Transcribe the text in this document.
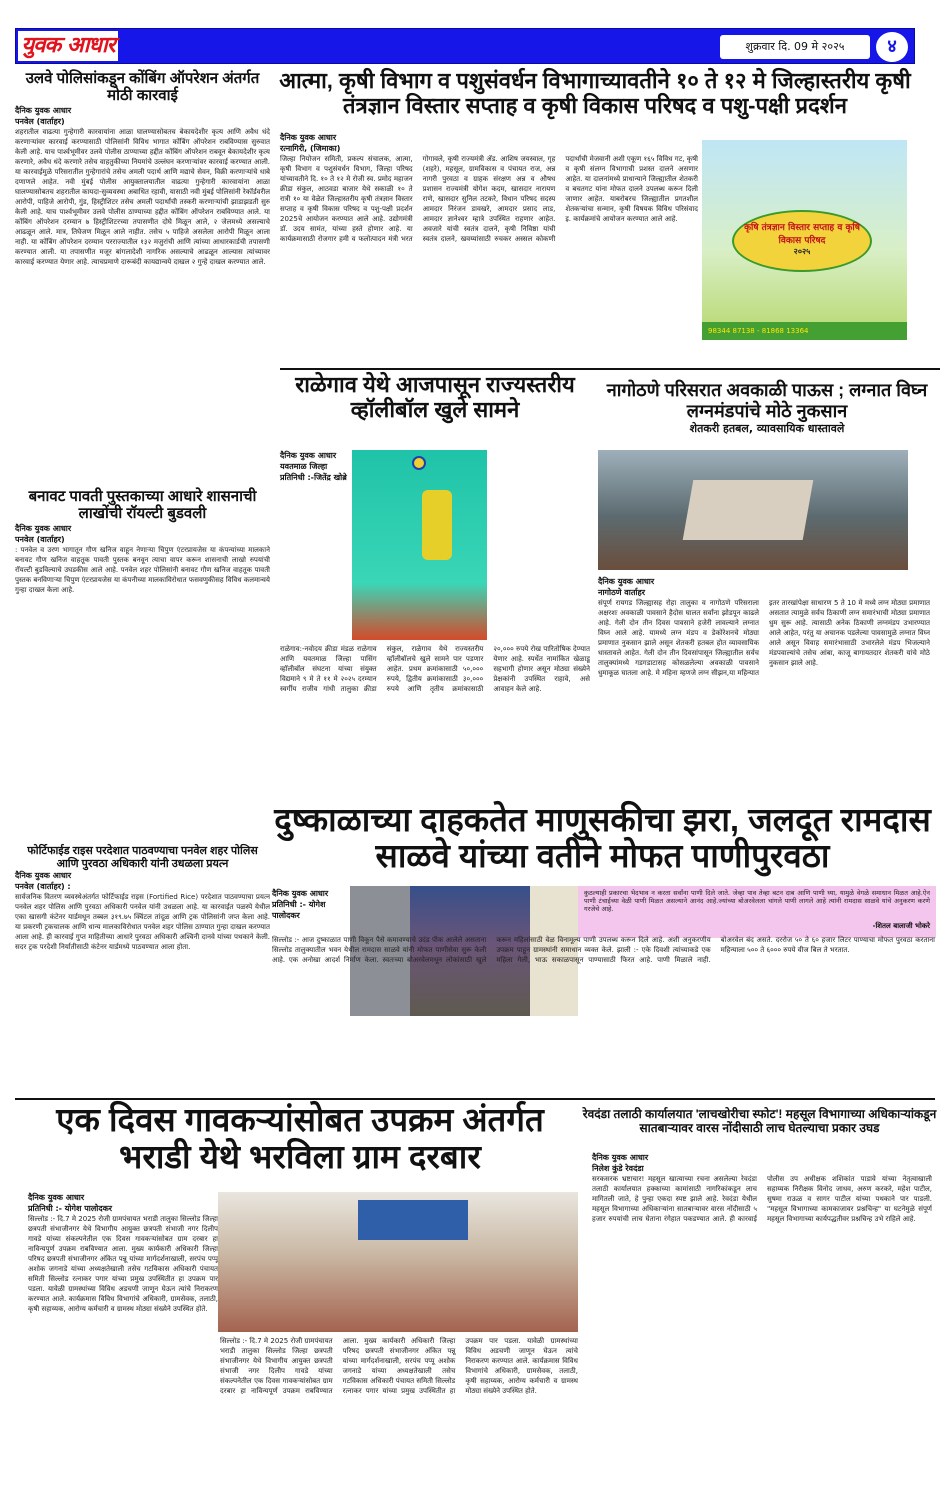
युवक आधार	शुक्रवार दि. 09 मे २०२५	४
उलवे पोलिसांकडून कोंबिंग ऑपरेशन अंतर्गत मोठी कारवाई
दैनिक युवक आधार
पनवेल (वार्ताहर)
शहरातील वाढत्या गुन्हेगारी कारवायांना आळा घालण्यासोबतच बेकायदेशीर कृत्य आणि अवैध धंदे करणाऱ्यांवर कारवाई करण्यासाठी पोलिसांनी विविध भागात कोंबिंग ऑपरेशन राबविण्यास सुरुवात केली आहे. याच पार्श्वभूमीवर उलवे पोलीस ठाण्याच्या हद्दीत कोंबिंग ऑपरेशन राबवून बेकायदेशीर कृत्य करणारे, अवैध धंदे करणारे तसेच वाहतुकीच्या नियमांचे उल्लंघन करणाऱ्यांवर कारवाई करण्यात आली. या कारवाईमुळे परिसरातील गुन्हेगारांचे तसेच अमली पदार्थ आणि मद्याचे सेवन, विक्री करणाऱ्यांचे धाबे दणाणले आहेत. नवी मुंबई पोलीस आयुक्तालयातील वाढत्या गुन्हेगारी कारवायांना आळा घालण्यासोबतच शहरातील कायदा-सुव्यवस्था अबाधित रहावी, यासाठी नवी मुंबई पोलिसांनी रेकॉर्डवरील आरोपी, पाहिजे आरोपी, गुंड, हिस्ट्रीशिटर तसेच अमली पदार्थांची तस्करी करणाऱ्यांची झाडाझडती सुरु केली आहे. याच पार्श्वभूमीवर उलवे पोलीस ठाण्याच्या हद्दीत कोंबिंग ऑपरेशन राबविण्यात आले. या कोंबिंग ऑपरेशन दरम्यान ७ हिस्ट्रीशिटरच्या तपासणीत दोघे मिळून आले, २ जेलमध्ये असल्याचे आढळून आले. मात्र, तिघेजण मिळून आले नाहीत. तसेच ५ पाहिजे असलेला आरोपी मिळून आला नाही. या कोंबिंग ऑपरेशन दरम्यान परराज्यातील १३२ मजुरांची आणि त्यांच्या आधारकार्डची तपासणी करण्यात आली. या तपासणीत मजूर बांगलादेशी नागरिक असल्याचे आढळून आल्यास त्यांच्यावर कारवाई करण्यात येणार आहे. त्याचप्रमाणे दारूबंदी कायद्यान्वये दाखल २ गुन्हे दाखल करण्यात आले.
बनावट पावती पुस्तकाच्या आधारे शासनाची लाखोंची रॉयल्टी बुडवली
दैनिक युवक आधार
पनवेल (वार्ताहर)
: पनवेल व उरण भागातून गौण खनिज वाहून नेणाऱ्या चिपुण एंटरप्रायजेस या कंपन्यांच्या मालकाने बनावट गौण खनिज वाहतूक पावती पुस्तक बनवून त्याचा वापर करून शासनाची लाखो रुपयांची रॉयल्टी बुडविल्याचे उघडकीस आले आहे. पनवेल शहर पोलिसांनी बनावट गौण खनिज वाहतूक पावती पुस्तक बनविणाऱ्या चिपुण एंटरप्रायजेस या कंपनीच्या मालकाविरोधात फसवणुकीसह विविध कलमान्वये गुन्हा दाखल केला आहे.
फोर्टिफाईड राइस परदेशात पाठवण्याचा पनवेल शहर पोलिस आणि पुरवठा अधिकारी यांनी उधळला प्रयत्न
दैनिक युवक आधार
पनवेल (वार्ताहर) :
सार्वजनिक वितरण व्यवस्थेअंतर्गत फोर्टिफाईड राइस (Fortified Rice) परदेशात पाठवण्याचा प्रयत्न पनवेल शहर पोलिस आणि पुरवठा अधिकारी पनवेल यांनी उधळला आहे. या कारवाईत पळस्पे येथील एका खासगी कंटेनर यार्डमधून तब्बल ३१९.७५ क्विंटल तांदूळ आणि ट्रक पोलिसांनी जप्त केला आहे. या प्रकरणी ट्रकचालक आणि धान्य मालकाविरोधात पनवेल शहर पोलिस ठाण्यात गुन्हा दाखल करण्यात आला आहे. ही कारवाई गुप्त माहितीच्या आधारे पुरवठा अधिकारी अश्विनी दानवे यांच्या पथकाने केली. सदर ट्रक परदेशी निर्यातीसाठी कंटेनर यार्डमध्ये पाठवण्यात आला होता.
आत्मा, कृषी विभाग व पशुसंवर्धन विभागाच्यावतीने १० ते १२ मे जिल्हास्तरीय कृषी तंत्रज्ञान विस्तार सप्ताह व कृषी विकास परिषद व पशु-पक्षी प्रदर्शन
दैनिक युवक आधार
रत्नागिरी, (जिमाका)
जिल्हा नियोजन समिती, प्रकल्प संचालक, आत्मा, कृषी विभाग व पशुसंवर्धन विभाग, जिल्हा परिषद यांच्यावतीने दि. १० ते १२ मे रोजी स्व. प्रमोद महाजन क्रीडा संकुल, आठवडा बाजार येथे सकाळी १० ते रात्री १० या वेळेत जिल्हास्तरीय कृषी तंत्रज्ञान विस्तार सप्ताह व कृषी विकास परिषद व पशु-पक्षी प्रदर्शन 2025चे आयोजन करण्यात आले आहे. उद्योगमंत्री डॉ. उदय सामंत, यांच्या हस्ते होणार आहे. या कार्यक्रमासाठी रोजगार हमी व फलोत्पादन मंत्री भरत गोगावले, कृषी राज्यमंत्री ॲड. आशिष जयस्वाल, गृह (शहरे), महसूल, ग्रामविकास व पंचायत राज, अन्न नागरी पुरवठा व ग्राहक संरक्षण अन्न व औषध प्रशासन राज्यमंत्री योगेश कदम, खासदार नारायण राणे, खासदार सुनिल तटकरे, विधान परिषद सदस्य आमदार निरंजन डावखरे, आमदार प्रसाद लाड, आमदार ज्ञानेश्वर म्हात्रे उपस्थित राहणार आहेत. अवजारे यांची स्वतंत्र दालने, कृषी निविष्ठा यांची स्वतंत्र दालने, खवय्यांसाठी रुचकर अस्सल कोकणी पदार्थांची मेजवानी अशी एकूण १६५ विविध गट, कृषी व कृषी संलग्न विभागाची प्रशस्त दालने असणार आहेत. या दालनांमध्ये प्राधान्याने जिल्ह्यातील शेतकरी व बचतगट यांना मोफत दालने उपलब्ध करून दिली जाणार आहेत. याबरोबरच जिल्ह्यातील प्रगतशील शेतकऱ्यांचा सन्मान, कृषी विषयक विविध परिसंवाद इ. कार्यक्रमांचे आयोजन करण्यात आले आहे.
कृषि तंत्रज्ञान विस्तार सप्ताह व कृषि विकास परिषद
२०२५
98344 87138 - 81868 13364
राळेगाव येथे आजपासून राज्यस्तरीय व्हॉलीबॉल खुले सामने
दैनिक युवक आधार
यवतमाळ जिल्हा प्रतिनिधी :-जितेंद्र खोब्रे
राळेगाव:-नवोदय क्रीडा मंडळ राळेगाव आणि यवतमाळ जिल्हा पासिंग व्हॉलीबॉल संघटना यांच्या संयुक्त विद्यमाने ९ मे ते ११ मे २०२५ दरम्यान स्वर्गीय राजीव गांधी तालुका क्रीडा संकुल, राळेगाव येथे राज्यस्तरीय व्हॉलीबॉलचे खुले सामने पार पडणार आहेत. प्रथम क्रमांकासाठी ५०,००० रुपये, द्वितीय क्रमांकासाठी ३०,००० रुपये आणि तृतीय क्रमांकासाठी २०,००० रुपये रोख पारितोषिक देण्यात येणार आहे. स्पर्धेत नामांकित खेळाडू सहभागी होणार असून मोठ्या संख्येने प्रेक्षकांनी उपस्थित राहावे, असे आवाहन केले आहे.
नागोठणे परिसरात अवकाळी पाऊस ; लग्नात विघ्न लग्नमंडपांचे मोठे नुकसान
शेतकरी हतबल, व्यावसायिक धास्तावले
दैनिक युवक आधार
नागोठणे वार्ताहर
संपूर्ण रायगड जिल्ह्यासह रोहा तालुका व नागोठणे परिसराला अक्षरशः अवकाळी पावसाने हैदोस घालत सर्वांना झोडपून काढले आहे. गेली दोन तीन दिवस पावसाने हजेरी लावल्याने लग्नात विघ्न आले आहे. यामध्ये लग्न मंडप व डेकोरेशनचे मोठ्या प्रमाणात नुकसान झाले असून शेतकरी हतबल होत व्यावसायिक धास्तावले आहेत. गेली दोन तीन दिवसांपासून जिल्ह्यातील सर्वच तालुक्यांमध्ये गडगडाटासह कोसळलेल्या अवकाळी पावसाने धुमाकूळ घातला आहे. मे महिना म्हणजे लग्न सीझन,या महिन्यात इतर तारखांपेक्षा साधारण 5 ते 10 मे मध्ये लग्न मोठ्या प्रमाणात असतात त्यामुळे सर्वच ठिकाणी लग्न समारंभाची मोठ्या प्रमाणात धुम सुरू आहे. त्यासाठी अनेक ठिकाणी लग्नमंडप उभारण्यात आले आहेत, परंतु या अचानक पडलेल्या पावसामुळे लग्नात विघ्न आले असून विवाह समारंभासाठी उभारलेले मंडप भिजल्याने मंडपवाल्यांचे तसेच आंबा, काजू बागायतदार शेतकरी यांचे मोठे नुकसान झाले आहे.
दुष्काळाच्या दाहकतेत माणुसकीचा झरा, जलदूत रामदास साळवे यांच्या वतीने मोफत पाणीपुरवठा
दैनिक युवक आधार
प्रतिनिधी :- योगेश पालोदकर
कुठल्याही प्रकारचा भेदभाव न करता सर्वांना पाणी दिले जाते. जेव्हा पाव तेव्हा बटन दाब आणि पाणी घ्या, यामुळे वेगळे समाधान मिळत आहे.ऐन पाणी टंचाईच्या वेळी पाणी मिळत असल्याने आनंद आहे.ज्यांच्या बोअरवेलला चांगले पाणी लागले आहे त्यांनी रामदास साळवे यांचे अनुकरण करणे गरजेचे आहे.
-शितल बालाजी भोकरे
सिल्लोड :- आज दुष्काळात पाणी विकून पैसे कमावण्याचे उदंड पीक आलेले असताना सिल्लोड तालुक्यातील भवन येथील रामदास साळवे यांनी मोफत पाणीसेवा सुरू केली आहे. एक अनोखा आदर्श निर्माण केला. स्वतःच्या बोअरवेलमधून लोकांसाठी खुले करून महिलांसाठी वेळ विनामूल्य पाणी उपलब्ध करून दिले आहे. अशी अनुकरणीय उपक्रम पाहून ग्रामस्थांनी समाधान व्यक्त केले. झाली :- एके दिवशी त्यांच्याकडे एक महिला गेली, भाऊ सकाळपासून पाण्यासाठी फिरत आहे. पाणी मिळाले नाही. बोअरवेल बंद असते. दररोज ५० ते ६० हजार लिटर पाण्याचा मोफत पुरवठा करताना महिन्याला ५०० ते ६००० रुपये वीज बिल ते भरतात.
एक दिवस गावकऱ्यांसोबत उपक्रम अंतर्गत भराडी येथे भरविला ग्राम दरबार
दैनिक युवक आधार
प्रतिनिधी :- योगेश पालोदकर
सिल्लोड :- दि.7 मे 2025 रोजी ग्रामपंचायत भराडी तालुका सिल्लोड जिल्हा छत्रपती संभाजीनगर येथे विभागीय आयुक्त छत्रपती संभाजी नगर दिलीप गावडे यांच्या संकल्पनेतील एक दिवस गावकऱ्यांसोबत ग्राम दरबार हा नाविन्यपूर्ण उपक्रम राबविण्यात आला. मुख्य कार्यकारी अधिकारी जिल्हा परिषद छत्रपती संभाजीनगर अंकित पन्नू यांच्या मार्गदर्शनाखाली, सरपंच पप्पू अशोक जगनाडे यांच्या अध्यक्षतेखाली तसेच गटविकास अधिकारी पंचायत समिती सिल्लोड रत्नाकर पगार यांच्या प्रमुख उपस्थितीत हा उपक्रम पार पडला. यावेळी ग्रामस्थांच्या विविध अडचणी जाणून घेऊन त्यांचे निराकरण करण्यात आले. कार्यक्रमास विविध विभागांचे अधिकारी, ग्रामसेवक, तलाठी, कृषी सहाय्यक, आरोग्य कर्मचारी व ग्रामस्थ मोठ्या संख्येने उपस्थित होते.
सिल्लोड :- दि.7 मे 2025 रोजी ग्रामपंचायत भराडी तालुका सिल्लोड जिल्हा छत्रपती संभाजीनगर येथे विभागीय आयुक्त छत्रपती संभाजी नगर दिलीप गावडे यांच्या संकल्पनेतील एक दिवस गावकऱ्यांसोबत ग्राम दरबार हा नाविन्यपूर्ण उपक्रम राबविण्यात आला. मुख्य कार्यकारी अधिकारी जिल्हा परिषद छत्रपती संभाजीनगर अंकित पन्नू यांच्या मार्गदर्शनाखाली, सरपंच पप्पू अशोक जगनाडे यांच्या अध्यक्षतेखाली तसेच गटविकास अधिकारी पंचायत समिती सिल्लोड रत्नाकर पगार यांच्या प्रमुख उपस्थितीत हा उपक्रम पार पडला. यावेळी ग्रामस्थांच्या विविध अडचणी जाणून घेऊन त्यांचे निराकरण करण्यात आले. कार्यक्रमास विविध विभागांचे अधिकारी, ग्रामसेवक, तलाठी, कृषी सहाय्यक, आरोग्य कर्मचारी व ग्रामस्थ मोठ्या संख्येने उपस्थित होते.
रेवदंडा तलाठी कार्यालयात 'लाचखोरीचा स्फोट'! महसूल विभागाच्या अधिकाऱ्यांकडून सातबाऱ्यावर वारस नोंदीसाठी लाच घेतल्याचा प्रकार उघड
दैनिक युवक आधार
निलेश कुंडे रेवदंडा
सरकसरक भ्रष्टाचार! महसूल खात्याच्या रचना असलेल्या रेवदंडा तलाठी कार्यालयात हक्काच्या कामांसाठी नागरिकांकडून लाच मागितली जाते, हे पुन्हा एकदा स्पष्ट झाले आहे. रेवदंडा येथील महसूल विभागाच्या अधिकाऱ्यांना सातबाऱ्यावर वारस नोंदीसाठी ५ हजार रुपयांची लाच घेताना रंगेहात पकडण्यात आले. ही कारवाई पोलीस उप अधीक्षक शशिकांत पाडावे यांच्या नेतृत्वाखाली सहाय्यक निरीक्षक विनोद जाधव, अरुण करकरे, महेश पाटील, सुषमा राऊळ व सागर पाटील यांच्या पथकाने पार पाडली. "महसूल विभागाच्या कामकाजावर प्रश्नचिन्ह" या घटनेमुळे संपूर्ण महसूल विभागाच्या कार्यपद्धतीवर प्रश्नचिन्ह उभे राहिले आहे.
